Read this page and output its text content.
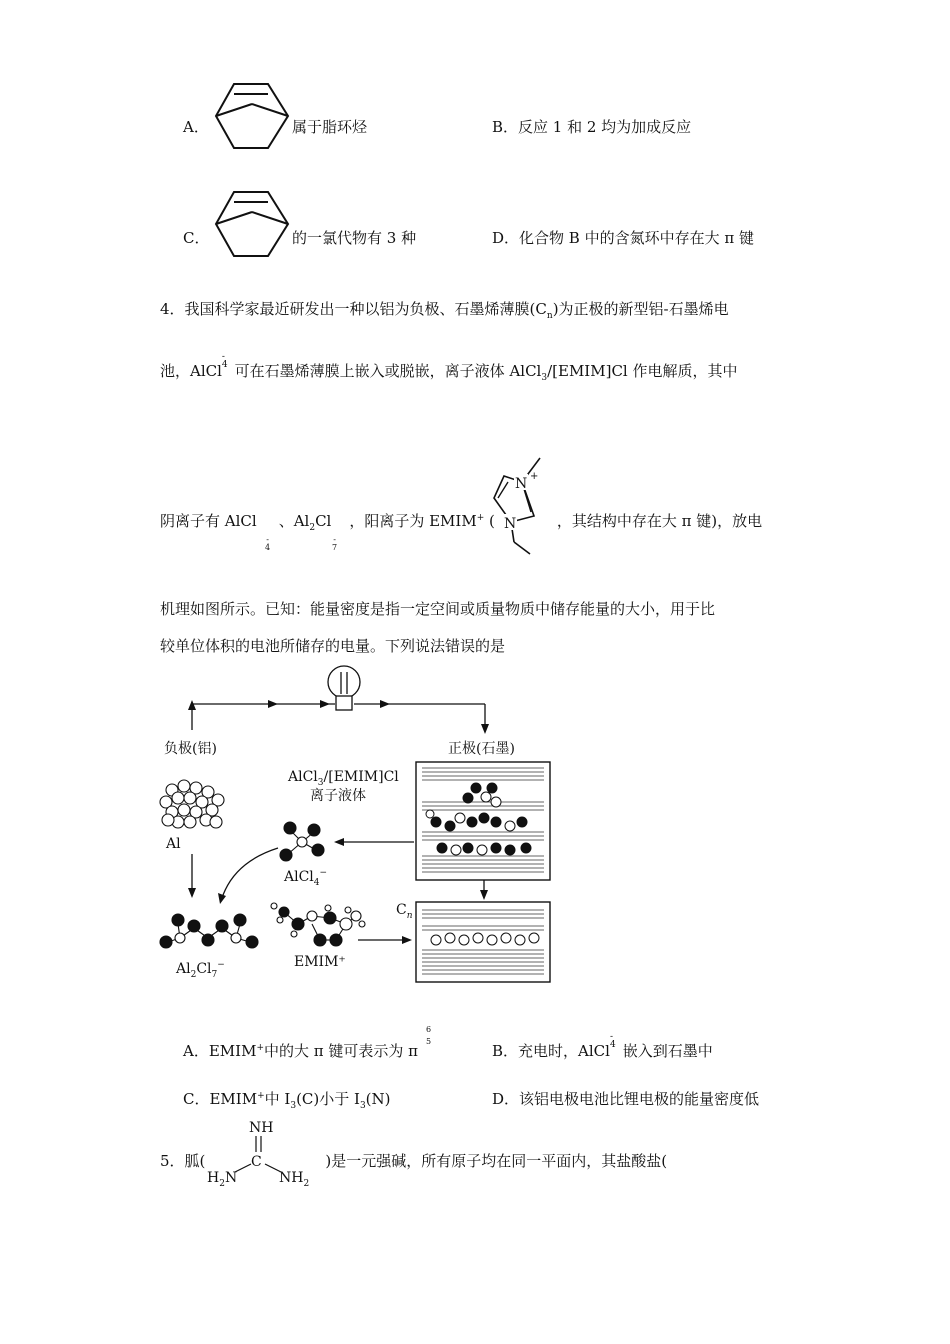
A．	属于脂环烃	B．反应 1 和 2 均为加成反应
C．	的一氯代物有 3 种	D．化合物 B 中的含氮环中存在大 π 键
4．我国科学家最近研发出一种以铝为负极、石墨烯薄膜$(C_n)$为正极的新型铝-石墨烯电
池，AlCl
-
4 可在石墨烯薄膜上嵌入或脱嵌，离子液体 AlCl$_3$/[EMIM]Cl 作电解质，其中
阴离子有 AlCl 、$Al_2Cl$ ，阳离子为 EMIM+ (	，其结构中存在大 π 键)，放电
-
4
-
7
N +
N
机理如图所示。已知：能量密度是指一定空间或质量物质中储存能量的大小，用于比
较单位体积的电池所储存的电量。下列说法错误的是
负极(铝)	正极(石墨)
AlCl$_3$/[EMIM]Cl
离子液体
Al
AlCl$_4$−
$Al_2Cl_7^-$	EMIM⁺
$C_n$
A．EMIM+中的大 π 键可表示为 π
6
5
B．充电时，AlCl
-
4 嵌入到石墨中
C．EMIM+中 $I_3(C)$小于 $I_3(N)$	D．该铝电极电池比锂电极的能量密度低
5．胍(	)是一元强碱，所有原子均在同一平面内，其盐酸盐(
NH
C
$H_2N$	$NH_2$
